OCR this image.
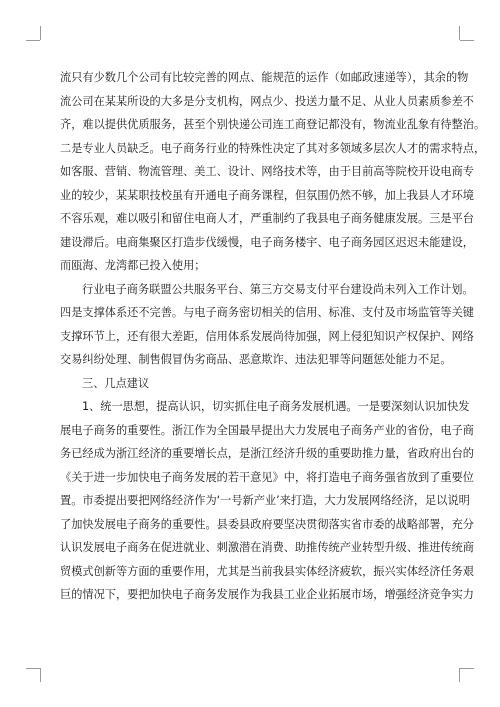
流只有少数几个公司有比较完善的网点、能规范的运作（如邮政速递等），其余的物
流公司在某某所设的大多是分支机构，网点少、投送力量不足、从业人员素质参差不
齐，难以提供优质服务，甚至个别快递公司连工商登记都没有，物流业乱象有待整治。
二是专业人员缺乏。电子商务行业的特殊性决定了其对多领域多层次人才的需求特点，
如客服、营销、物流管理、美工、设计、网络技术等，由于目前高等院校开设电商专
业的较少，某某职技校虽有开通电子商务课程，但氛围仍然不够，加上我县人才环境
不容乐观，难以吸引和留住电商人才，严重制约了我县电子商务健康发展。三是平台
建设滞后。电商集聚区打造步伐缓慢，电子商务楼宇、电子商务园区迟迟未能建设，
而瓯海、龙湾都已投入使用；
行业电子商务联盟公共服务平台、第三方交易支付平台建设尚未列入工作计划。
四是支撑体系还不完善。与电子商务密切相关的信用、标准、支付及市场监管等关键
支撑环节上，还有很大差距，信用体系发展尚待加强，网上侵犯知识产权保护、网络
交易纠纷处理、制售假冒伪劣商品、恶意欺诈、违法犯罪等问题惩处能力不足。
三、几点建议
1、统一思想，提高认识，切实抓住电子商务发展机遇。一是要深刻认识加快发
展电子商务的重要性。浙江作为全国最早提出大力发展电子商务产业的省份，电子商
务已经成为浙江经济的重要增长点，是浙江经济升级的重要助推力量，省政府出台的
《关于进一步加快电子商务发展的若干意见》中，将打造电子商务强省放到了重要位
置。市委提出要把网络经济作为‘一号新产业’来打造，大力发展网络经济，足以说明
了加快发展电子商务的重要性。县委县政府要坚决贯彻落实省市委的战略部署，充分
认识发展电子商务在促进就业、刺激潜在消费、助推传统产业转型升级、推进传统商
贸模式创新等方面的重要作用，尤其是当前我县实体经济疲软，振兴实体经济任务艰
巨的情况下，要把加快电子商务发展作为我县工业企业拓展市场，增强经济竞争实力
